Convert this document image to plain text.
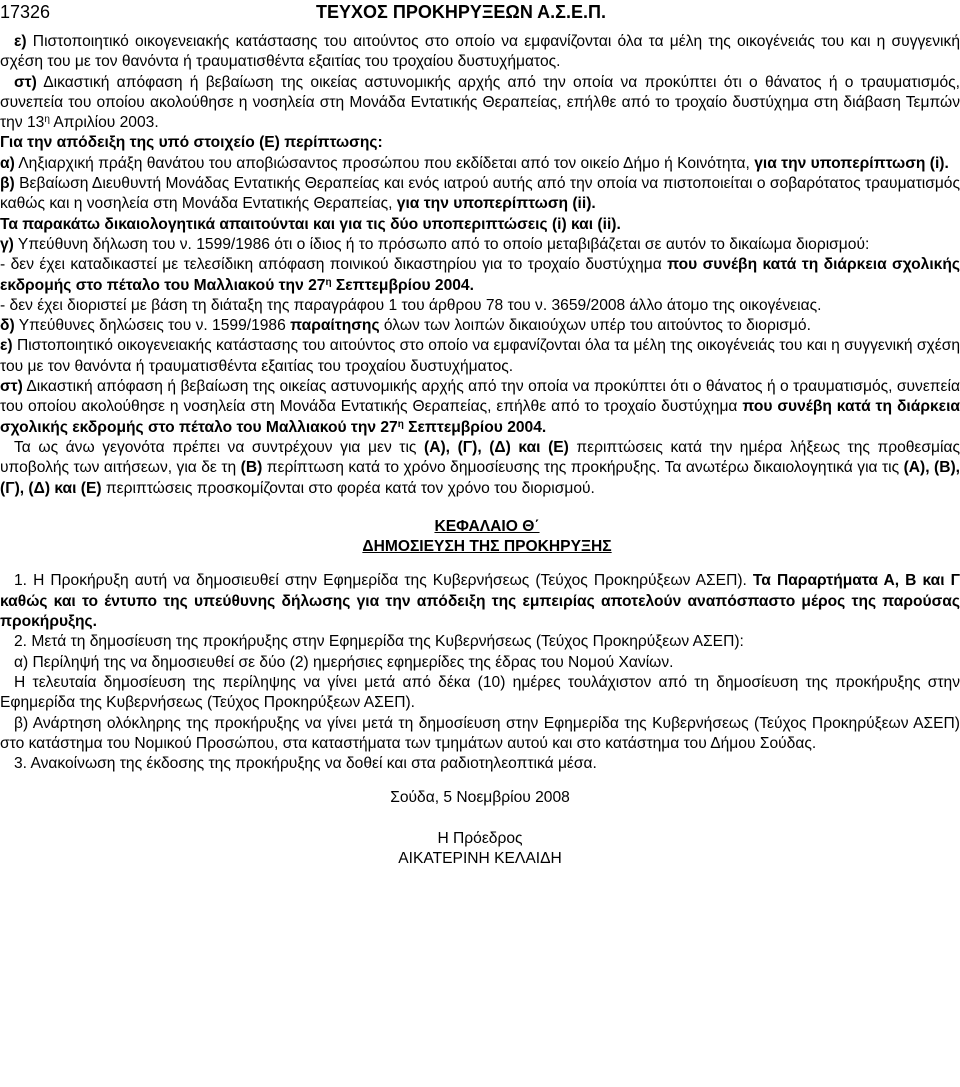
17326	ΤΕΥΧΟΣ ΠΡΟΚΗΡΥΞΕΩΝ Α.Σ.Ε.Π.

ε) Πιστοποιητικό οικογενειακής κατάστασης του αιτούντος στο οποίο να εμφανίζονται όλα τα μέλη της οικογένειάς του και η συγγενική σχέση του με τον θανόντα ή τραυματισθέντα εξαιτίας του τροχαίου δυστυχήματος.

στ) Δικαστική απόφαση ή βεβαίωση της οικείας αστυνομικής αρχής από την οποία να προκύπτει ότι ο θάνατος ή ο τραυματισμός, συνεπεία του οποίου ακολούθησε η νοσηλεία στη Μονάδα Εντατικής Θεραπείας, επήλθε από το τροχαίο δυστύχημα στη διάβαση Τεμπών την $13^\eta$ Απριλίου 2003.

Για την απόδειξη της υπό στοιχείο (Ε) περίπτωσης:

α) Ληξιαρχική πράξη θανάτου του αποβιώσαντος προσώπου που εκδίδεται από τον οικείο Δήμο ή Κοινότητα, για την υποπερίπτωση (i).

β) Βεβαίωση Διευθυντή Μονάδας Εντατικής Θεραπείας και ενός ιατρού αυτής από την οποία να πιστοποιείται ο σοβαρότατος τραυματισμός καθώς και η νοσηλεία στη Μονάδα Εντατικής Θεραπείας, για την υποπερίπτωση (ii).

Τα παρακάτω δικαιολογητικά απαιτούνται και για τις δύο υποπεριπτώσεις (i) και (ii).

γ) Υπεύθυνη δήλωση του ν. 1599/1986 ότι ο ίδιος ή το πρόσωπο από το οποίο μεταβιβάζεται σε αυτόν το δικαίωμα διορισμού:

- δεν έχει καταδικαστεί με τελεσίδικη απόφαση ποινικού δικαστηρίου για το τροχαίο δυστύχημα που συνέβη κατά τη διάρκεια σχολικής εκδρομής στο πέταλο του Μαλλιακού την $27^\eta$ Σεπτεμβρίου 2004.

- δεν έχει διοριστεί με βάση τη διάταξη της παραγράφου 1 του άρθρου 78 του ν. 3659/2008 άλλο άτομο της οικογένειας.

δ) Υπεύθυνες δηλώσεις του ν. 1599/1986 παραίτησης όλων των λοιπών δικαιούχων υπέρ του αιτούντος το διορισμό.

ε) Πιστοποιητικό οικογενειακής κατάστασης του αιτούντος στο οποίο να εμφανίζονται όλα τα μέλη της οικογένειάς του και η συγγενική σχέση του με τον θανόντα ή τραυματισθέντα εξαιτίας του τροχαίου δυστυχήματος.

στ) Δικαστική απόφαση ή βεβαίωση της οικείας αστυνομικής αρχής από την οποία να προκύπτει ότι ο θάνατος ή ο τραυματισμός, συνεπεία του οποίου ακολούθησε η νοσηλεία στη Μονάδα Εντατικής Θεραπείας, επήλθε από το τροχαίο δυστύχημα που συνέβη κατά τη διάρκεια σχολικής εκδρομής στο πέταλο του Μαλλιακού την $27^\eta$ Σεπτεμβρίου 2004.

Τα ως άνω γεγονότα πρέπει να συντρέχουν για μεν τις (Α), (Γ), (Δ) και (Ε) περιπτώσεις κατά την ημέρα λήξεως της προθεσμίας υποβολής των αιτήσεων, για δε τη (Β) περίπτωση κατά το χρόνο δημοσίευσης της προκήρυξης. Τα ανωτέρω δικαιολογητικά για τις (Α), (Β), (Γ), (Δ) και (Ε) περιπτώσεις προσκομίζονται στο φορέα κατά τον χρόνο του διορισμού.

ΚΕΦΑΛΑΙΟ Θ΄

ΔΗΜΟΣΙΕΥΣΗ ΤΗΣ ΠΡΟΚΗΡΥΞΗΣ

1. Η Προκήρυξη αυτή να δημοσιευθεί στην Εφημερίδα της Κυβερνήσεως (Τεύχος Προκηρύξεων ΑΣΕΠ). Τα Παραρτήματα Α, Β και Γ καθώς και το έντυπο της υπεύθυνης δήλωσης για την απόδειξη της εμπειρίας αποτελούν αναπόσπαστο μέρος της παρούσας προκήρυξης.

2. Μετά τη δημοσίευση της προκήρυξης στην Εφημερίδα της Κυβερνήσεως (Τεύχος Προκηρύξεων ΑΣΕΠ):

α) Περίληψή της να δημοσιευθεί σε δύο (2) ημερήσιες εφημερίδες της έδρας του Νομού Χανίων.

Η τελευταία δημοσίευση της περίληψης να γίνει μετά από δέκα (10) ημέρες τουλάχιστον από τη δημοσίευση της προκήρυξης στην Εφημερίδα της Κυβερνήσεως (Τεύχος Προκηρύξεων ΑΣΕΠ).

β) Ανάρτηση ολόκληρης της προκήρυξης να γίνει μετά τη δημοσίευση στην Εφημερίδα της Κυβερνήσεως (Τεύχος Προκηρύξεων ΑΣΕΠ) στο κατάστημα του Νομικού Προσώπου, στα καταστήματα των τμημάτων αυτού και στο κατάστημα του Δήμου Σούδας.

3. Ανακοίνωση της έκδοσης της προκήρυξης να δοθεί και στα ραδιοτηλεοπτικά μέσα.

Σούδα, 5 Νοεμβρίου 2008

Η Πρόεδρος

ΑΙΚΑΤΕΡΙΝΗ ΚΕΛΑΙΔΗ
